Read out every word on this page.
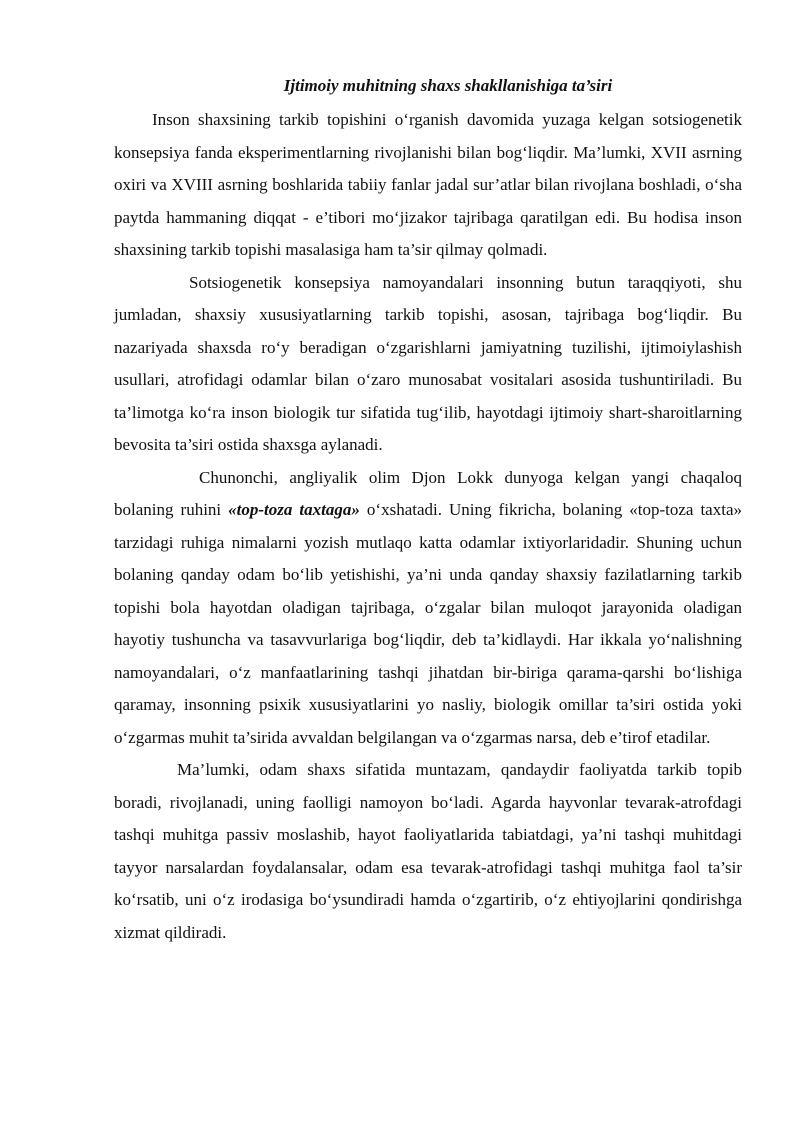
Ijtimoiy muhitning shaxs shakllanishiga ta’siri

Inson shaxsining tarkib topishini o‘rganish davomida yuzaga kelgan sotsiogenetik konsepsiya fanda eksperimentlarning rivojlanishi bilan bog‘liqdir. Ma’lumki, XVII asrning oxiri va XVIII asrning boshlarida tabiiy fanlar jadal sur’atlar bilan rivojlana boshladi, o‘sha paytda hammaning diqqat - e’tibori mo‘jizakor tajribaga qaratilgan edi. Bu hodisa inson shaxsining tarkib topishi masalasiga ham ta’sir qilmay qolmadi.

Sotsiogenetik konsepsiya namoyandalari insonning butun taraqqiyoti, shu jumladan, shaxsiy xususiyatlarning tarkib topishi, asosan, tajribaga bog‘liqdir. Bu nazariyada shaxsda ro‘y beradigan o‘zgarishlarni jamiyatning tuzilishi, ijtimoiylashish usullari, atrofidagi odamlar bilan o‘zaro munosabat vositalari asosida tushuntiriladi. Bu ta’limotga ko‘ra inson biologik tur sifatida tug‘ilib, hayotdagi ijtimoiy shart-sharoitlarning bevosita ta’siri ostida shaxsga aylanadi.

Chunonchi, angliyalik olim Djon Lokk dunyoga kelgan yangi chaqaloq bolaning ruhini «top-toza taxtaga» o‘xshatadi. Uning fikricha, bolaning «top-toza taxta» tarzidagi ruhiga nimalarni yozish mutlaqo katta odamlar ixtiyorlaridadir. Shuning uchun bolaning qanday odam bo‘lib yetishishi, ya’ni unda qanday shaxsiy fazilatlarning tarkib topishi bola hayotdan oladigan tajribaga, o‘zgalar bilan muloqot jarayonida oladigan hayotiy tushuncha va tasavvurlariga bog‘liqdir, deb ta’kidlaydi. Har ikkala yo‘nalishning namoyandalari, o‘z manfaatlarining tashqi jihatdan bir-biriga qarama-qarshi bo‘lishiga qaramay, insonning psixik xususiyatlarini yo nasliy, biologik omillar ta’siri ostida yoki o‘zgarmas muhit ta’sirida avvaldan belgilangan va o‘zgarmas narsa, deb e’tirof etadilar.

Ma’lumki, odam shaxs sifatida muntazam, qandaydir faoliyatda tarkib topib boradi, rivojlanadi, uning faolligi namoyon bo‘ladi. Agarda hayvonlar tevarak-atrofdagi tashqi muhitga passiv moslashib, hayot faoliyatlarida tabiatdagi, ya’ni tashqi muhitdagi tayyor narsalardan foydalansalar, odam esa tevarak-atrofidagi tashqi muhitga faol ta’sir ko‘rsatib, uni o‘z irodasiga bo‘ysundiradi hamda o‘zgartirib, o‘z ehtiyojlarini qondirishga xizmat qildiradi.
